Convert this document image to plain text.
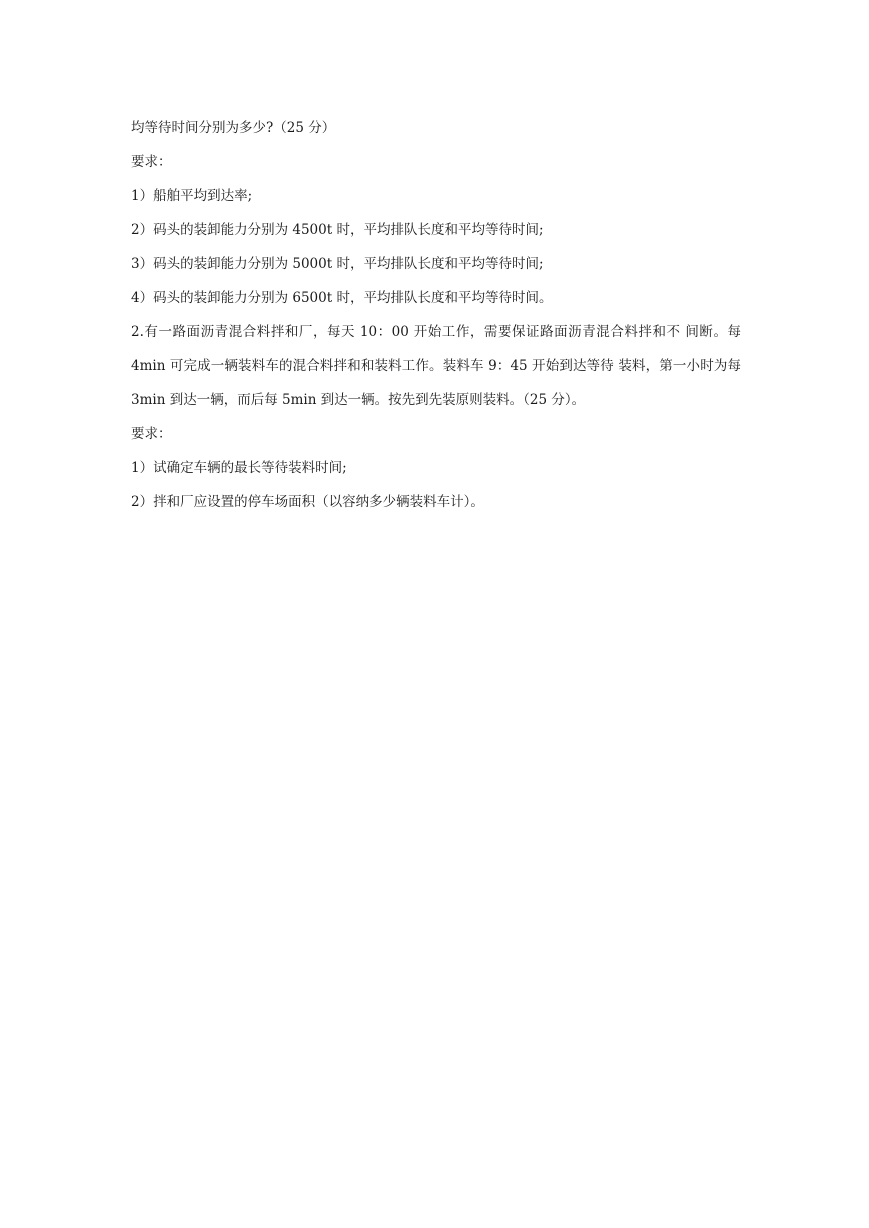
均等待时间分别为多少?（25 分）

要求：

1）船舶平均到达率;

2）码头的装卸能力分别为 4500t 时，平均排队长度和平均等待时间;

3）码头的装卸能力分别为 5000t 时，平均排队长度和平均等待时间;

4）码头的装卸能力分别为 6500t 时，平均排队长度和平均等待时间。

2.有一路面沥青混合料拌和厂，每天 10：00 开始工作，需要保证路面沥青混合料拌和不 间断。每 4min 可完成一辆装料车的混合料拌和和装料工作。装料车 9：45 开始到达等待 装料，第一小时为每 3min 到达一辆，而后每 5min 到达一辆。按先到先装原则装料。（25 分）。

要求：

1）试确定车辆的最长等待装料时间;

2）拌和厂应设置的停车场面积（以容纳多少辆装料车计）。
